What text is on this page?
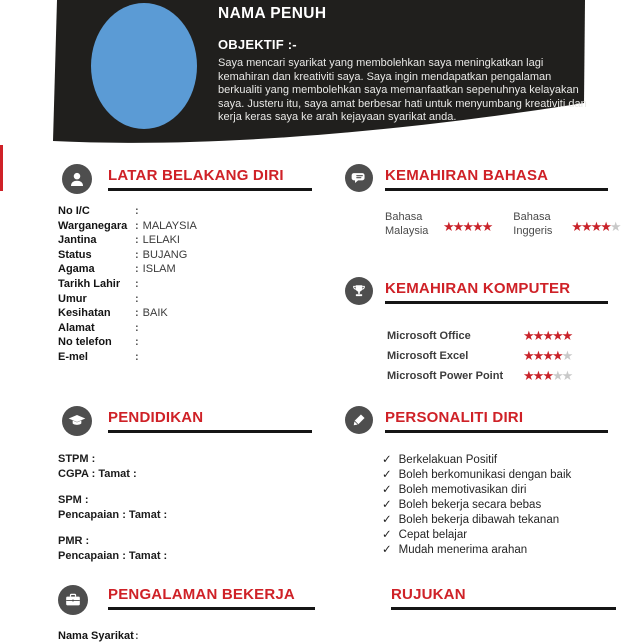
NAMA PENUH
OBJEKTIF :-
Saya mencari syarikat yang membolehkan saya meningkatkan lagi kemahiran dan kreativiti saya. Saya ingin mendapatkan pengalaman berkualiti yang membolehkan saya memanfaatkan sepenuhnya kelayakan saya. Justeru itu, saya amat berbesar hati untuk menyumbang kreativiti dan kerja keras saya ke arah kejayaan syarikat anda.
LATAR BELAKANG DIRI
No I/C	:
Warganegara : MALAYSIA
Jantina	: LELAKI
Status	: BUJANG
Agama	: ISLAM
Tarikh Lahir :
Umur	:
Kesihatan : BAIK
Alamat	:
No telefon :
E-mel	:
KEMAHIRAN BAHASA
Bahasa Malaysia	★★★★★
Bahasa Inggeris	★★★★★
KEMAHIRAN KOMPUTER
Microsoft Office	★★★★★
Microsoft Excel	★★★★★
Microsoft Power Point	★★★★★
PENDIDIKAN
STPM :
CGPA : Tamat :
SPM :
Pencapaian : Tamat :
PMR :
Pencapaian : Tamat :
PERSONALITI DIRI
✓ Berkelakuan Positif
✓ Boleh berkomunikasi dengan baik
✓ Boleh memotivasikan diri
✓ Boleh bekerja secara bebas
✓ Boleh bekerja dibawah tekanan
✓ Cepat belajar
✓ Mudah menerima arahan
PENGALAMAN BEKERJA
Nama Syarikat:
RUJUKAN
